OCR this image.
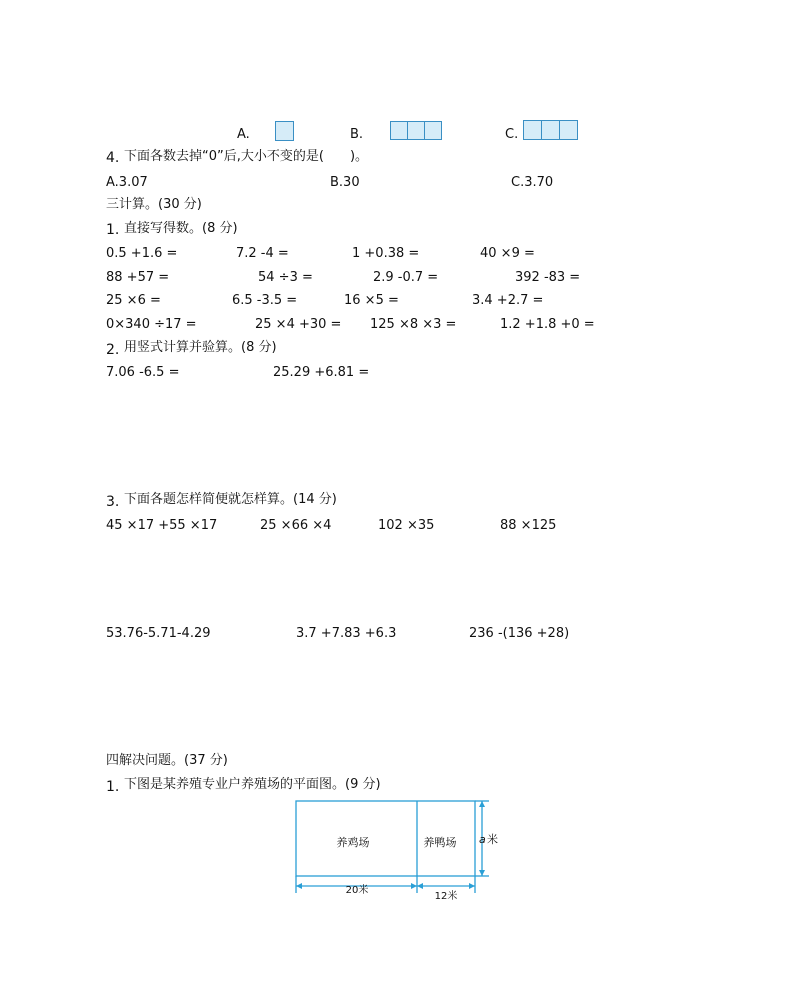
A.	B.	C.
4. 下面各数去掉“0”后,大小不变的是(　　)。
A.3.07	B.30	C.3.70
三计算。(30 分)
1. 直接写得数。(8 分)
0.5 +1.6 =	7.2 -4 =	1 +0.38 =	40 ×9 =
88 +57 =	54 ÷3 =	2.9 -0.7 =	392 -83 =
25 ×6 =	6.5 -3.5 =	16 ×5 =	3.4 +2.7 =
0×340 ÷17 =	25 ×4 +30 = 125 ×8 ×3 =	1.2 +1.8 +0 =
2. 用竖式计算并验算。(8 分)
7.06 -6.5 =	25.29 +6.81 =
3. 下面各题怎样简便就怎样算。(14 分)
45 ×17 +55 ×17	25 ×66 ×4	102 ×35	88 ×125
53.76-5.71-4.29	3.7 +7.83 +6.3	236 -(136 +28)
四解决问题。(37 分)
1. 下图是某养殖专业户养殖场的平面图。(9 分)
养鸡场	养鸭场
20米
12米
a 米
